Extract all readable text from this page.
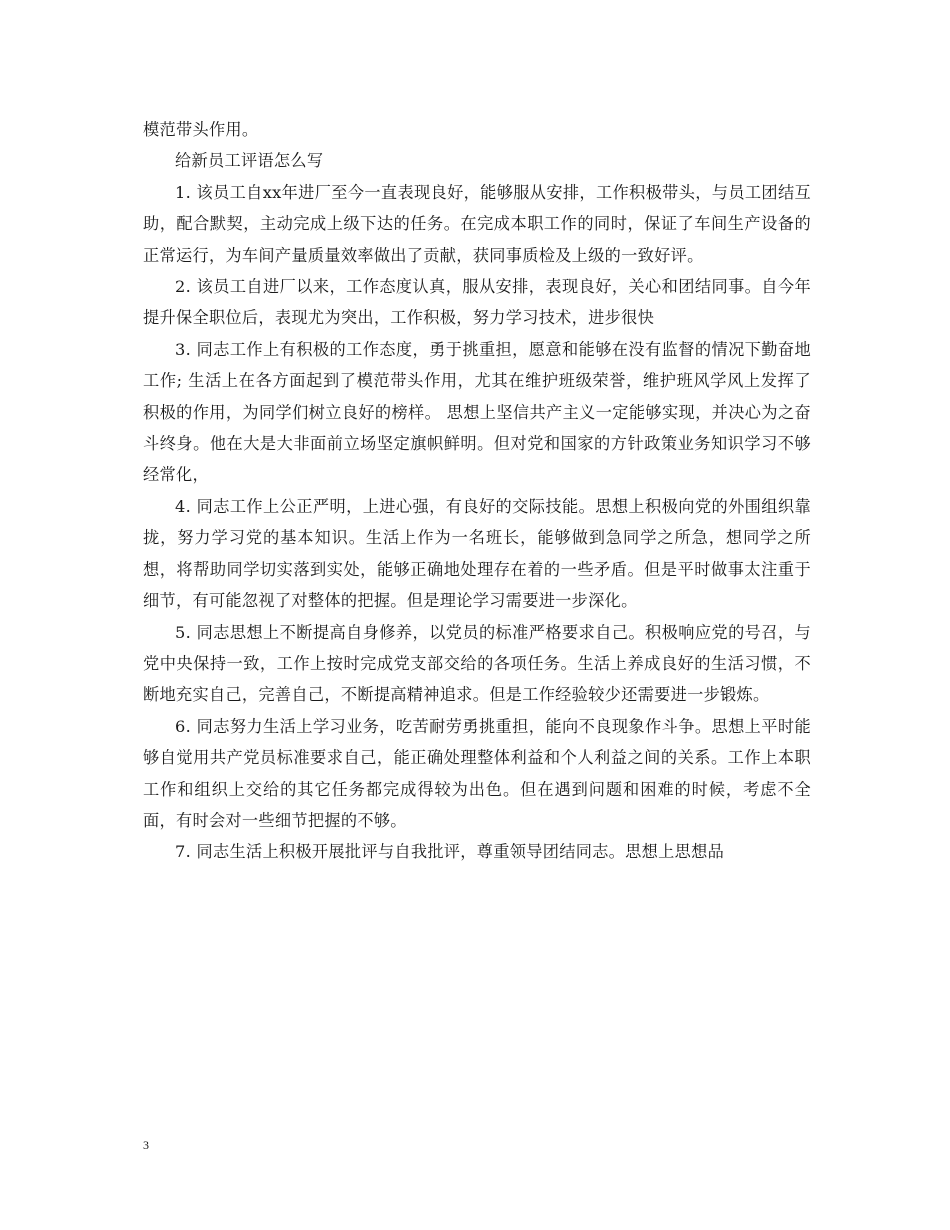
模范带头作用。

给新员工评语怎么写

1. 该员工自xx年进厂至今一直表现良好，能够服从安排，工作积极带头，与员工团结互助，配合默契，主动完成上级下达的任务。在完成本职工作的同时，保证了车间生产设备的正常运行，为车间产量质量效率做出了贡献，获同事质检及上级的一致好评。

2. 该员工自进厂以来，工作态度认真，服从安排，表现良好，关心和团结同事。自今年提升保全职位后，表现尤为突出，工作积极，努力学习技术，进步很快

3. 同志工作上有积极的工作态度，勇于挑重担，愿意和能够在没有监督的情况下勤奋地工作; 生活上在各方面起到了模范带头作用，尤其在维护班级荣誉，维护班风学风上发挥了积极的作用，为同学们树立良好的榜样。 思想上坚信共产主义一定能够实现，并决心为之奋斗终身。他在大是大非面前立场坚定旗帜鲜明。但对党和国家的方针政策业务知识学习不够经常化，

4. 同志工作上公正严明，上进心强，有良好的交际技能。思想上积极向党的外围组织靠拢，努力学习党的基本知识。生活上作为一名班长，能够做到急同学之所急，想同学之所想，将帮助同学切实落到实处，能够正确地处理存在着的一些矛盾。但是平时做事太注重于细节，有可能忽视了对整体的把握。但是理论学习需要进一步深化。

5. 同志思想上不断提高自身修养，以党员的标准严格要求自己。积极响应党的号召，与党中央保持一致，工作上按时完成党支部交给的各项任务。生活上养成良好的生活习惯，不断地充实自己，完善自己，不断提高精神追求。但是工作经验较少还需要进一步锻炼。

6. 同志努力生活上学习业务，吃苦耐劳勇挑重担，能向不良现象作斗争。思想上平时能够自觉用共产党员标准要求自己，能正确处理整体利益和个人利益之间的关系。工作上本职工作和组织上交给的其它任务都完成得较为出色。但在遇到问题和困难的时候，考虑不全面，有时会对一些细节把握的不够。

7. 同志生活上积极开展批评与自我批评，尊重领导团结同志。思想上思想品

3
